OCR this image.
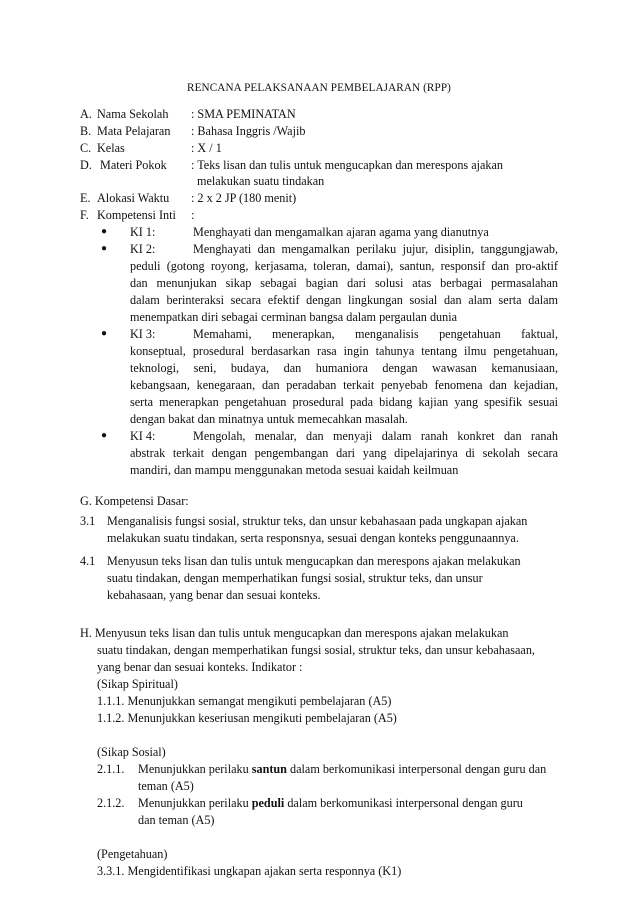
RENCANA PELAKSANAAN PEMBELAJARAN (RPP)
A. Nama Sekolah : SMA PEMINATAN
B. Mata Pelajaran : Bahasa Inggris /Wajib
C. Kelas	: X / 1
D. Materi Pokok : Teks lisan dan tulis untuk mengucapkan dan merespons ajakan
melakukan suatu tindakan
E. Alokasi Waktu : 2 x 2 JP (180 menit)
F. Kompetensi Inti :
● KI 1:	Menghayati dan mengamalkan ajaran agama yang dianutnya
● KI 2:	Menghayati dan mengamalkan perilaku jujur, disiplin, tanggungjawab,
peduli (gotong royong, kerjasama, toleran, damai), santun, responsif dan pro-aktif
dan menunjukan sikap sebagai bagian dari solusi atas berbagai permasalahan
dalam berinteraksi secara efektif dengan lingkungan sosial dan alam serta dalam
menempatkan diri sebagai cerminan bangsa dalam pergaulan dunia
● KI 3:	Memahami, menerapkan, menganalisis pengetahuan faktual,
konseptual, prosedural berdasarkan rasa ingin tahunya tentang ilmu pengetahuan,
teknologi, seni, budaya, dan humaniora dengan wawasan kemanusiaan,
kebangsaan, kenegaraan, dan peradaban terkait penyebab fenomena dan kejadian,
serta menerapkan pengetahuan prosedural pada bidang kajian yang spesifik sesuai
dengan bakat dan minatnya untuk memecahkan masalah.
● KI 4:	Mengolah, menalar, dan menyaji dalam ranah konkret dan ranah
abstrak terkait dengan pengembangan dari yang dipelajarinya di sekolah secara
mandiri, dan mampu menggunakan metoda sesuai kaidah keilmuan
G. Kompetensi Dasar:
3.1 Menganalisis fungsi sosial, struktur teks, dan unsur kebahasaan pada ungkapan ajakan
melakukan suatu tindakan, serta responsnya, sesuai dengan konteks penggunaannya.
4.1 Menyusun teks lisan dan tulis untuk mengucapkan dan merespons ajakan melakukan
suatu tindakan, dengan memperhatikan fungsi sosial, struktur teks, dan unsur
kebahasaan, yang benar dan sesuai konteks.
H. Menyusun teks lisan dan tulis untuk mengucapkan dan merespons ajakan melakukan
suatu tindakan, dengan memperhatikan fungsi sosial, struktur teks, dan unsur kebahasaan,
yang benar dan sesuai konteks. Indikator :
(Sikap Spiritual)
1.1.1. Menunjukkan semangat mengikuti pembelajaran (A5)
1.1.2. Menunjukkan keseriusan mengikuti pembelajaran (A5)
(Sikap Sosial)
2.1.1. Menunjukkan perilaku santun dalam berkomunikasi interpersonal dengan guru dan
teman (A5)
2.1.2. Menunjukkan perilaku peduli dalam berkomunikasi interpersonal dengan guru
dan teman (A5)
(Pengetahuan)
3.3.1. Mengidentifikasi ungkapan ajakan serta responnya (K1)
